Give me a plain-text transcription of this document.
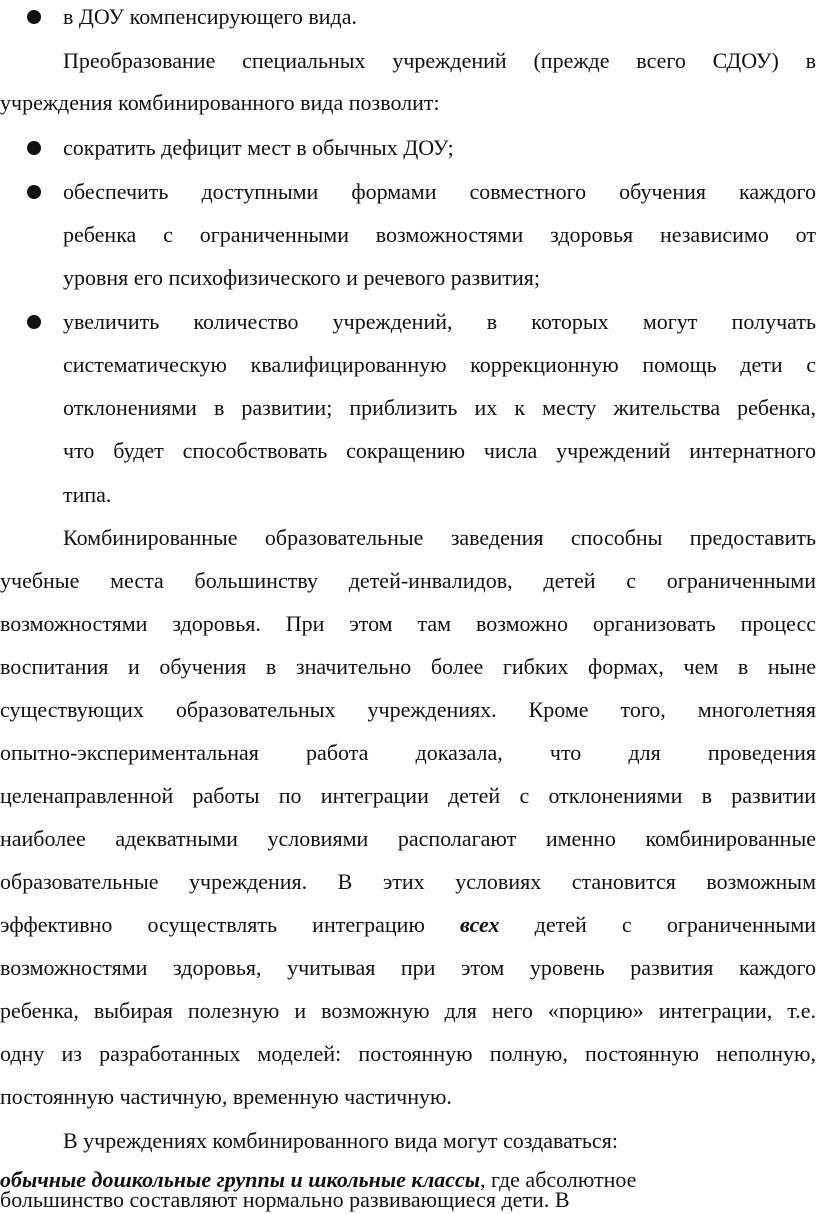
в ДОУ компенсирующего вида.
Преобразование специальных учреждений (прежде всего СДОУ) в
учреждения комбинированного вида позволит:
сократить дефицит мест в обычных ДОУ;
обеспечить доступными формами совместного обучения каждого
ребенка с ограниченными возможностями здоровья независимо от
уровня его психофизического и речевого развития;
увеличить количество учреждений, в которых могут получать
систематическую квалифицированную коррекционную помощь дети с
отклонениями в развитии; приблизить их к месту жительства ребенка,
что будет способствовать сокращению числа учреждений интернатного
типа.
Комбинированные образовательные заведения способны предоставить
учебные места большинству детей-инвалидов, детей с ограниченными
возможностями здоровья. При этом там возможно организовать процесс
воспитания и обучения в значительно более гибких формах, чем в ныне
существующих образовательных учреждениях. Кроме того, многолетняя
опытно-экспериментальная работа доказала, что для проведения
целенаправленной работы по интеграции детей с отклонениями в развитии
наиболее адекватными условиями располагают именно комбинированные
образовательные учреждения. В этих условиях становится возможным
эффективно осуществлять интеграцию всех детей с ограниченными
возможностями здоровья, учитывая при этом уровень развития каждого
ребенка, выбирая полезную и возможную для него «порцию» интеграции, т.е.
одну из разработанных моделей: постоянную полную, постоянную неполную,
постоянную частичную, временную частичную.
В учреждениях комбинированного вида могут создаваться:
обычные дошкольные группы и школьные классы, где абсолютное
большинство составляют нормально развивающиеся дети. В
